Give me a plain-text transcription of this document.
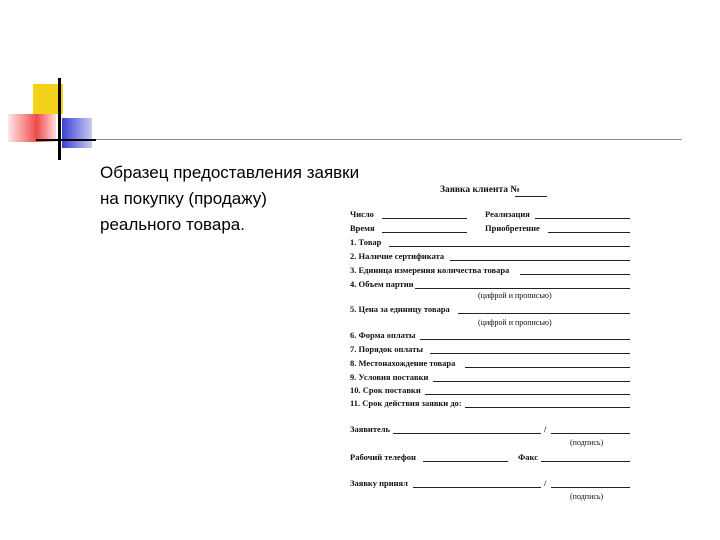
Образец предоставления заявки
на покупку (продажу)
реального товара.
Заявка клиента №
Число	Реализация
Время	Приобретение
1. Товар
2. Наличие сертификата
3. Единица измерения количества товара
4. Объем партии
(цифрой и прописью)
5. Цена за единицу товара
(цифрой и прописью)
6. Форма оплаты
7. Порядок оплаты
8. Местонахождение товара
9. Условия поставки
10. Срок поставки
11. Срок действия заявки до:
Заявитель	/
(подпись)
Рабочий телефон	Факс
Заявку принял	/
(подпись)
